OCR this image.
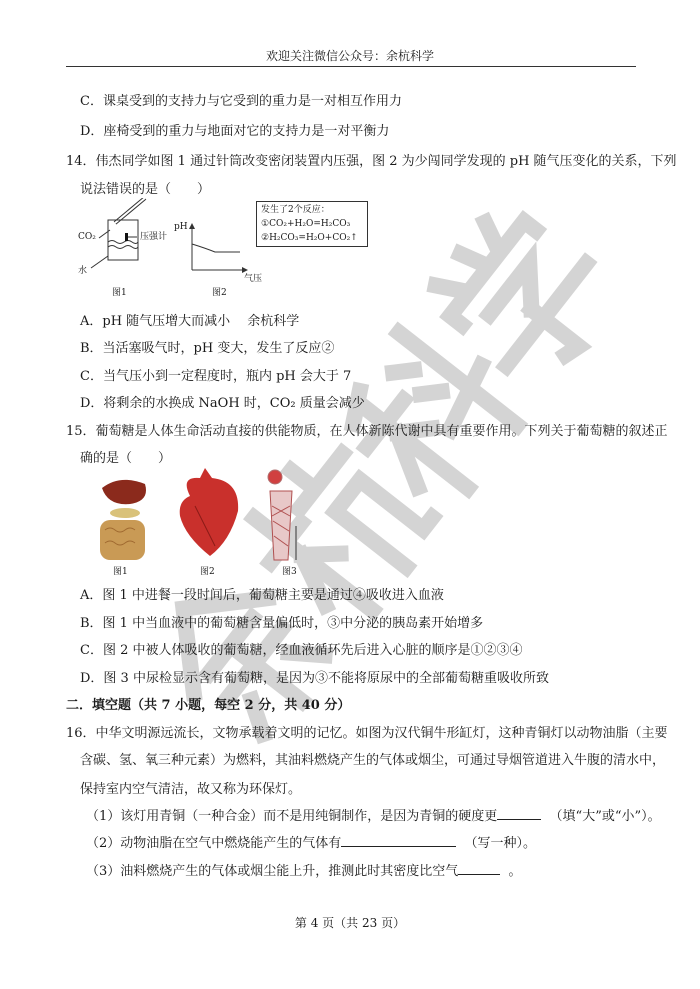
欢迎关注微信公众号：余杭科学
C．课桌受到的支持力与它受到的重力是一对相互作用力
D．座椅受到的重力与地面对它的支持力是一对平衡力
14．伟杰同学如图 1 通过针筒改变密闭装置内压强，图 2 为少闯同学发现的 pH 随气压变化的关系，下列
说法错误的是（　　）
CO₂	压强计
水
图1
pH
气压
图2
发生了2个反应：
①CO₂+H₂O=H₂CO₃
②H₂CO₃=H₂O+CO₂↑
A．pH 随气压增大而减小　 余杭科学
B．当活塞吸气时，pH 变大，发生了反应②
C．当气压小到一定程度时，瓶内 pH 会大于 7
D．将剩余的水换成 NaOH 时，CO₂ 质量会减少
15．葡萄糖是人体生命活动直接的供能物质，在人体新陈代谢中具有重要作用。下列关于葡萄糖的叙述正
确的是（　　）
图1	图2	图3
A．图 1 中进餐一段时间后，葡萄糖主要是通过④吸收进入血液
B．图 1 中当血液中的葡萄糖含量偏低时，③中分泌的胰岛素开始增多
C．图 2 中被人体吸收的葡萄糖，经血液循环先后进入心脏的顺序是①②③④
D．图 3 中尿检显示含有葡萄糖，是因为③不能将原尿中的全部葡萄糖重吸收所致
二．填空题（共 7 小题，每空 2 分，共 40 分）
16．中华文明源远流长，文物承载着文明的记忆。如图为汉代铜牛形缸灯，这种青铜灯以动物油脂（主要
含碳、氢、氧三种元素）为燃料，其油料燃烧产生的气体或烟尘，可通过导烟管道进入牛腹的清水中，
保持室内空气清洁，故又称为环保灯。
（1）该灯用青铜（一种合金）而不是用纯铜制作，是因为青铜的硬度更	（填“大”或“小”）。
（2）动物油脂在空气中燃烧能产生的气体有	（写一种）。
（3）油料燃烧产生的气体或烟尘能上升，推测此时其密度比空气	。
第 4 页（共 23 页）
